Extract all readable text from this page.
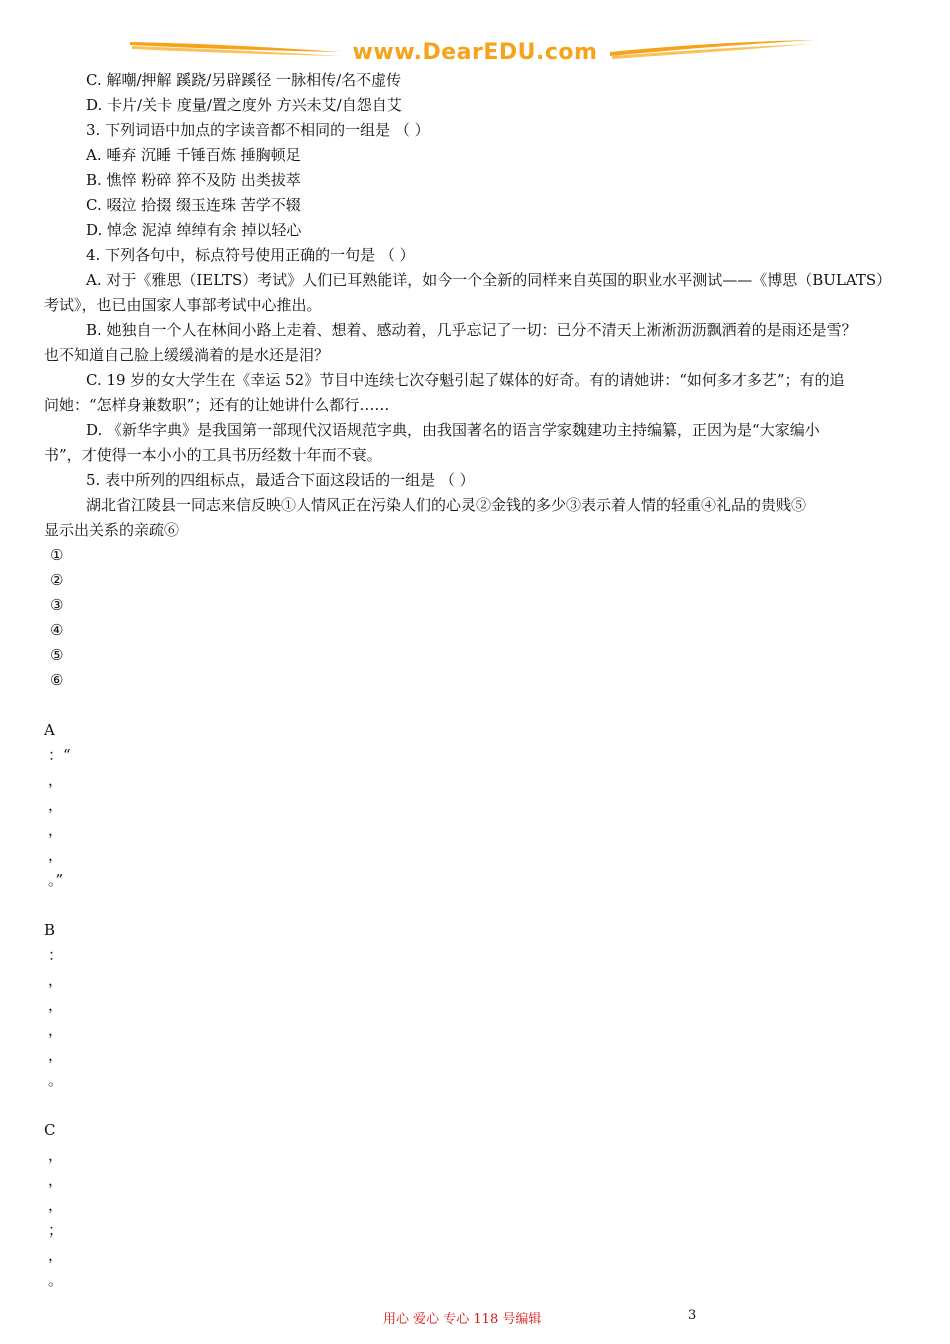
www.DearEDU.com
C. 解嘲/押解 蹊跷/另辟蹊径 一脉相传/名不虚传
D. 卡片/关卡 度量/置之度外 方兴未艾/自怨自艾
3. 下列词语中加点的字读音都不相同的一组是 （ ）
A. 唾弃 沉睡 千锤百炼 捶胸顿足
B. 憔悴 粉碎 猝不及防 出类拔萃
C. 啜泣 拾掇 缀玉连珠 苦学不辍
D. 悼念 泥淖 绰绰有余 掉以轻心
4. 下列各句中，标点符号使用正确的一句是 （ ）
A. 对于《雅思（IELTS）考试》人们已耳熟能详，如今一个全新的同样来自英国的职业水平测试——《博思（BULATS）
考试》，也已由国家人事部考试中心推出。
B. 她独自一个人在林间小路上走着、想着、感动着，几乎忘记了一切：已分不清天上淅淅沥沥飘洒着的是雨还是雪？
也不知道自己脸上缓缓淌着的是水还是泪？
C. 19 岁的女大学生在《幸运 52》节目中连续七次夺魁引起了媒体的好奇。有的请她讲：“如何多才多艺”；有的追
问她：“怎样身兼数职”；还有的让她讲什么都行……
D. 《新华字典》是我国第一部现代汉语规范字典，由我国著名的语言学家魏建功主持编纂，正因为是“大家编小
书”，才使得一本小小的工具书历经数十年而不衰。
5. 表中所列的四组标点，最适合下面这段话的一组是 （ ）
湖北省江陵县一同志来信反映①人情风正在污染人们的心灵②金钱的多少③表示着人情的轻重④礼品的贵贱⑤
显示出关系的亲疏⑥
①
②
③
④
⑤
⑥
A
：“
，
，
，
，
。”
B
：
，
，
，
，
。
C
，
，
，
；
，
。
用心 爱心 专心 118 号编辑	3
